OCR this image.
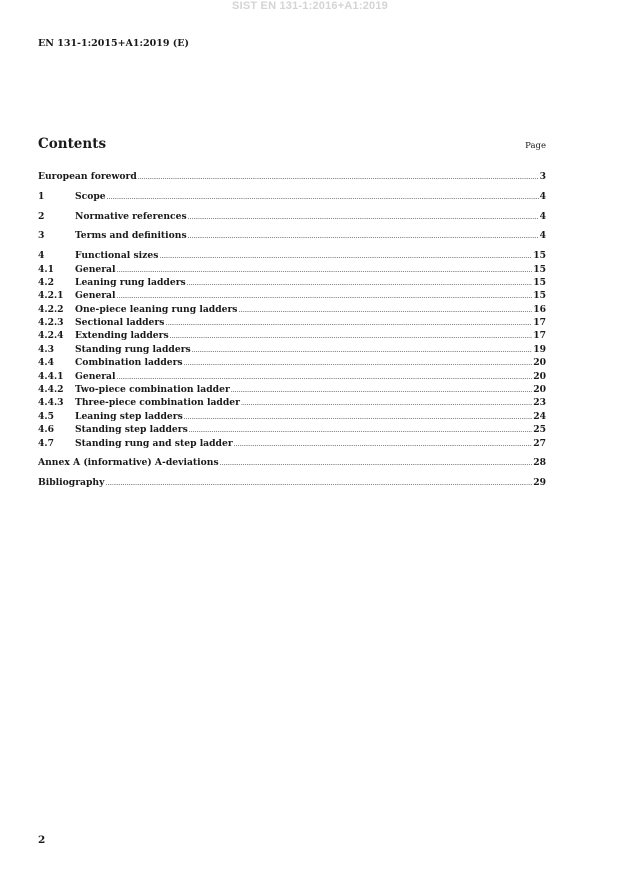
SIST EN 131-1:2016+A1:2019
EN 131-1:2015+A1:2019 (E)
Contents	Page
European foreword .....	3
1	Scope .....	4
2	Normative references .....	4
3	Terms and definitions .....	4
4	Functional sizes .....	15
4.1	General .....	15
4.2	Leaning rung ladders .....	15
4.2.1	General .....	15
4.2.2	One-piece leaning rung ladders .....	16
4.2.3	Sectional ladders .....	17
4.2.4	Extending ladders .....	17
4.3	Standing rung ladders .....	19
4.4	Combination ladders .....	20
4.4.1	General .....	20
4.4.2	Two-piece combination ladder .....	20
4.4.3	Three-piece combination ladder .....	23
4.5	Leaning step ladders .....	24
4.6	Standing step ladders .....	25
4.7	Standing rung and step ladder .....	27
Annex A (informative) A-deviations .....	28
Bibliography .....	29
2
